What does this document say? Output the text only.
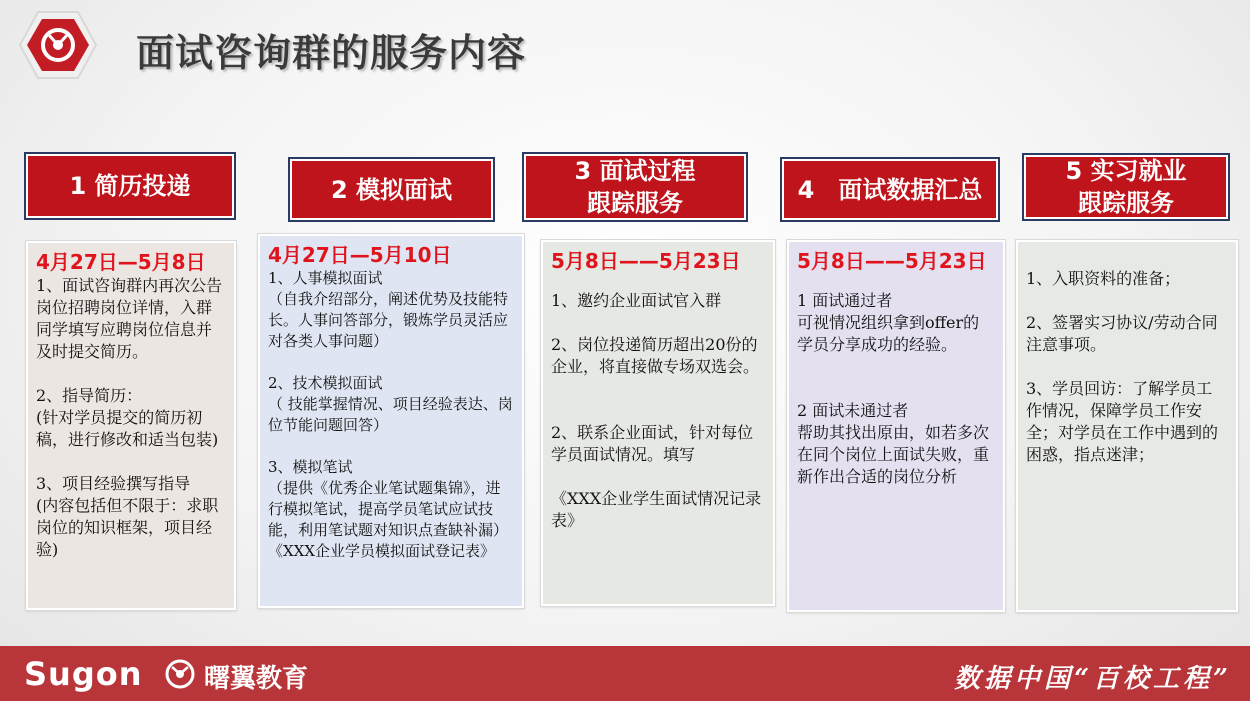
面试咨询群的服务内容
1 简历投递	2 模拟面试
3 面试过程
跟踪服务	4　面试数据汇总
5 实习就业
跟踪服务
4月27日—5月8日
1、面试咨询群内再次公告岗位招聘岗位详情，入群同学填写应聘岗位信息并及时提交简历。

2、指导简历：
(针对学员提交的简历初稿，进行修改和适当包装)

3、项目经验撰写指导
(内容包括但不限于：求职岗位的知识框架，项目经验)
4月27日—5月10日
1、人事模拟面试
（自我介绍部分，阐述优势及技能特长。人事问答部分，锻炼学员灵活应对各类人事问题）

2、技术模拟面试
（ 技能掌握情况、项目经验表达、岗位节能问题回答）

3、模拟笔试
（提供《优秀企业笔试题集锦》，进行模拟笔试，提高学员笔试应试技能，利用笔试题对知识点查缺补漏）
《XXX企业学员模拟面试登记表》
5月8日——5月23日
1、邀约企业面试官入群

2、岗位投递简历超出20份的企业，将直接做专场双选会。

2、联系企业面试，针对每位学员面试情况。填写

《XXX企业学生面试情况记录表》
5月8日——5月23日
1 面试通过者
可视情况组织拿到offer的学员分享成功的经验。

2 面试未通过者
帮助其找出原由，如若多次在同个岗位上面试失败，重新作出合适的岗位分析
1、入职资料的准备；

2、签署实习协议/劳动合同注意事项。

3、学员回访：了解学员工作情况，保障学员工作安全；对学员在工作中遇到的困惑，指点迷津；
Sugon 曙翼教育	数据中国“百校工程”
